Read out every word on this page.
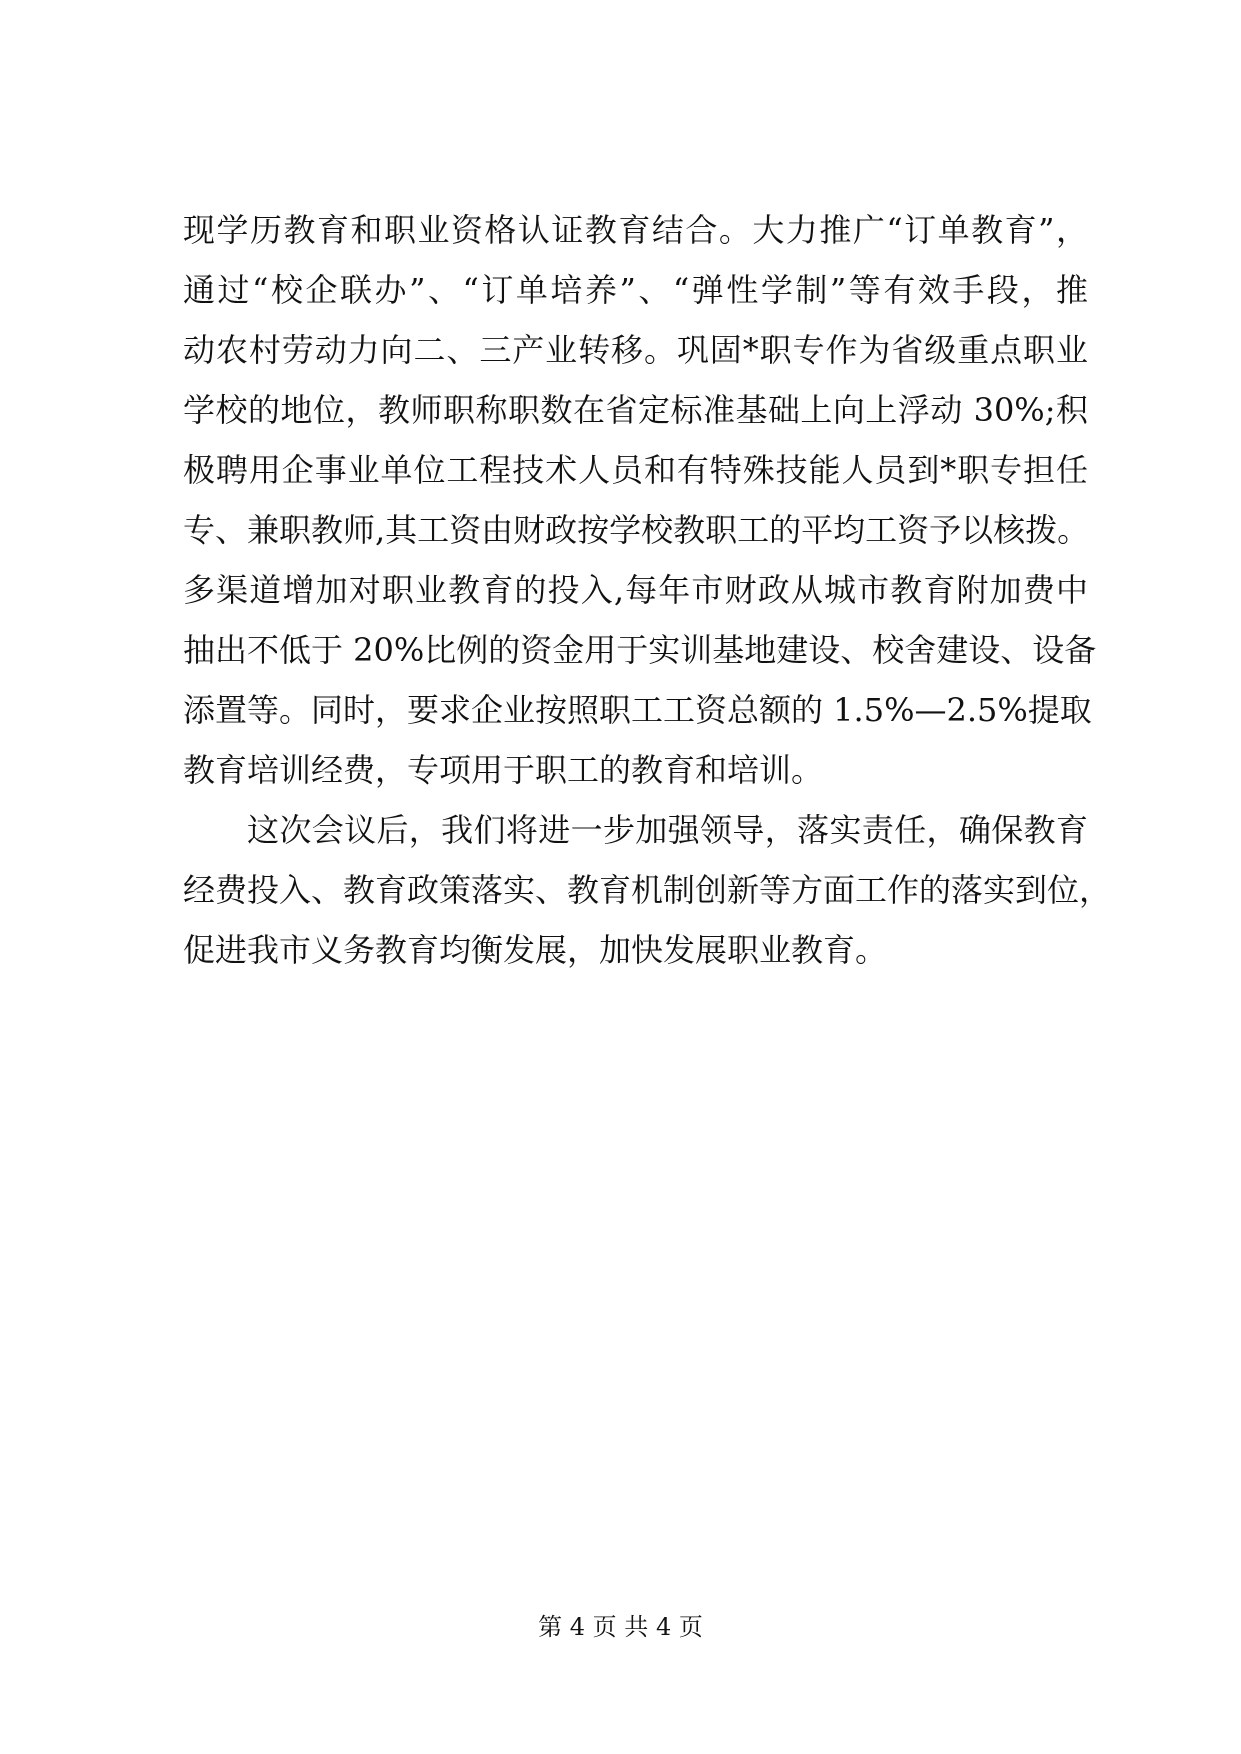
现学历教育和职业资格认证教育结合。大力推广“订单教育”，
通过“校企联办”、“订单培养”、“弹性学制”等有效手段，推
动农村劳动力向二、三产业转移。巩固*职专作为省级重点职业
学校的地位，教师职称职数在省定标准基础上向上浮动 30%;积
极聘用企事业单位工程技术人员和有特殊技能人员到*职专担任
专、兼职教师,其工资由财政按学校教职工的平均工资予以核拨。
多渠道增加对职业教育的投入,每年市财政从城市教育附加费中
抽出不低于 20%比例的资金用于实训基地建设、校舍建设、设备
添置等。同时，要求企业按照职工工资总额的 1.5%—2.5%提取
教育培训经费，专项用于职工的教育和培训。
这次会议后，我们将进一步加强领导，落实责任，确保教育
经费投入、教育政策落实、教育机制创新等方面工作的落实到位，
促进我市义务教育均衡发展，加快发展职业教育。
第 4 页 共 4 页
